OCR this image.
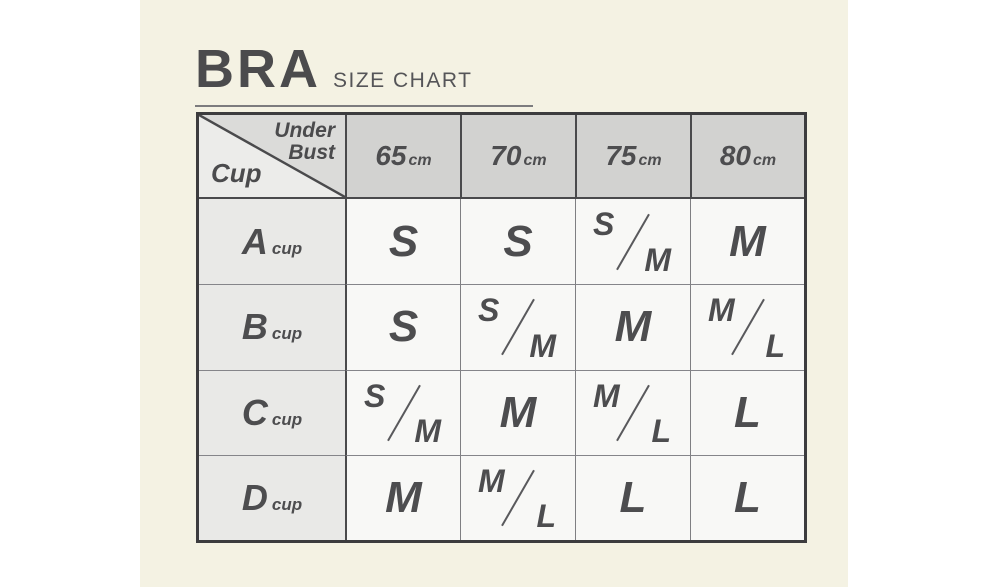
BRA SIZE CHART
Under Bust
Cup
65 cm 70 cm 75 cm 80 cm
A cup S S S
M M
B cup S S
M M M
L
C cup
S
M M M
L L
D cup M M
L L L
